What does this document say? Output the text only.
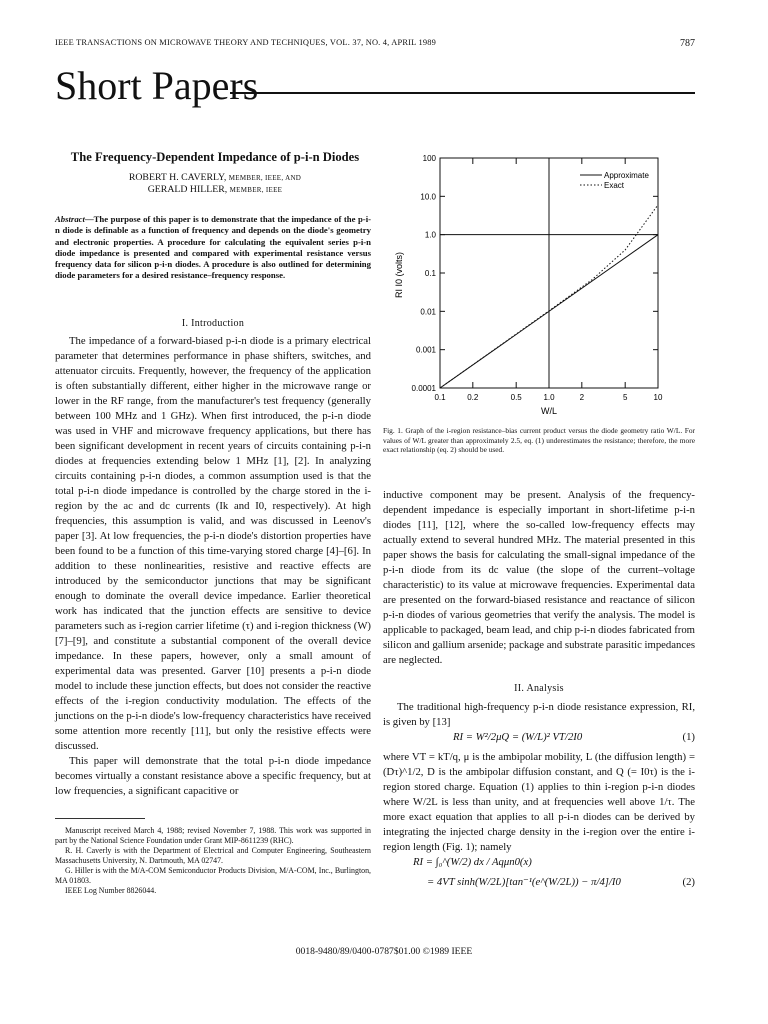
IEEE TRANSACTIONS ON MICROWAVE THEORY AND TECHNIQUES, VOL. 37, NO. 4, APRIL 1989	787
Short Papers
The Frequency-Dependent Impedance of p-i-n Diodes
ROBERT H. CAVERLY, MEMBER, IEEE, AND
GERALD HILLER, MEMBER, IEEE
Abstract—The purpose of this paper is to demonstrate that the impedance of the p-i-n diode is definable as a function of frequency and depends on the diode's geometry and electronic properties. A procedure for calculating the equivalent series p-i-n diode impedance is presented and compared with experimental resistance versus frequency data for silicon p-i-n diodes. A procedure is also outlined for determining diode parameters for a desired resistance–frequency response.
I. Introduction

The impedance of a forward-biased p-i-n diode is a primary electrical parameter that determines performance in phase shifters, switches, and attenuator circuits. Frequently, however, the frequency of the application is often substantially different, either higher in the microwave range or lower in the RF range, from the manufacturer's test frequency (generally between 100 MHz and 1 GHz). When first introduced, the p-i-n diode was used in VHF and microwave frequency applications, but there has been significant development in recent years of circuits containing p-i-n diodes at frequencies extending below 1 MHz [1], [2]. In analyzing circuits containing p-i-n diodes, a common assumption used is that the total p-i-n diode impedance is controlled by the charge stored in the i-region by the ac and dc currents (Ik and I0, respectively). At high frequencies, this assumption is valid, and was discussed in Leenov's paper [3]. At low frequencies, the p-i-n diode's distortion properties have been found to be a function of this time-varying stored charge [4]–[6]. In addition to these nonlinearities, resistive and reactive effects are introduced by the semiconductor junctions that may be significant enough to dominate the overall device impedance. Earlier theoretical work has indicated that the junction effects are sensitive to device parameters such as i-region carrier lifetime (τ) and i-region thickness (W) [7]–[9], and constitute a substantial component of the overall device impedance. In these papers, however, only a small amount of experimental data was presented. Garver [10] presents a p-i-n diode model to include these junction effects, but does not consider the reactive effects of the i-region conductivity modulation. The effects of the junctions on the p-i-n diode's low-frequency characteristics have received some attention more recently [11], but only the resistive effects were discussed.

This paper will demonstrate that the total p-i-n diode impedance becomes virtually a constant resistance above a specific frequency, but at low frequencies, a significant capacitive or

Manuscript received March 4, 1988; revised November 7, 1988. This work was supported in part by the National Science Foundation under Grant MIP-8611239 (RHC).

R. H. Caverly is with the Department of Electrical and Computer Engineering, Southeastern Massachusetts University, N. Dartmouth, MA 02747.

G. Hiller is with the M/A-COM Semiconductor Products Division, M/A-COM, Inc., Burlington, MA 01803.

IEEE Log Number 8826044.

0.0001
0.001
0.01
0.1
1.0
10.0
100
0.1	0.2	0.5	1.0	2	5	10
Approximate
Exact
RI I0 (volts)
W/L
Fig. 1. Graph of the i-region resistance–bias current product versus the diode geometry ratio W/L. For values of W/L greater than approximately 2.5, eq. (1) underestimates the resistance; therefore, the more exact relationship (eq. 2) should be used.

inductive component may be present. Analysis of the frequency-dependent impedance is especially important in short-lifetime p-i-n diodes [11], [12], where the so-called low-frequency effects may actually extend to several hundred MHz. The material presented in this paper shows the basis for calculating the small-signal impedance of the p-i-n diode from its dc value (the slope of the current–voltage characteristic) to its value at microwave frequencies. Experimental data are presented on the forward-biased resistance and reactance of silicon p-i-n diodes of various geometries that verify the analysis. The model is applicable to packaged, beam lead, and chip p-i-n diodes fabricated from silicon and gallium arsenide; package and substrate parasitic impedances are neglected.

II. Analysis

The traditional high-frequency p-i-n diode resistance expression, RI, is given by [13]

RI = W²/2μQ = (W/L)² VT/2I0	(1)

where VT = kT/q, μ is the ambipolar mobility, L (the diffusion length) = (Dτ)^1/2, D is the ambipolar diffusion constant, and Q (= I0τ) is the i-region stored charge. Equation (1) applies to thin i-region p-i-n diodes where W/2L is less than unity, and at frequencies well above 1/τ. The more exact equation that applies to all p-i-n diodes can be derived by integrating the injected charge density in the i-region over the entire i-region length (Fig. 1); namely

RI = ∫₀^(W/2) dx / Aqμn0(x)
= 4VT sinh(W/2L)[tan⁻¹(e^(W/2L)) − π/4]/I0	(2)
0018-9480/89/0400-0787$01.00 ©1989 IEEE
